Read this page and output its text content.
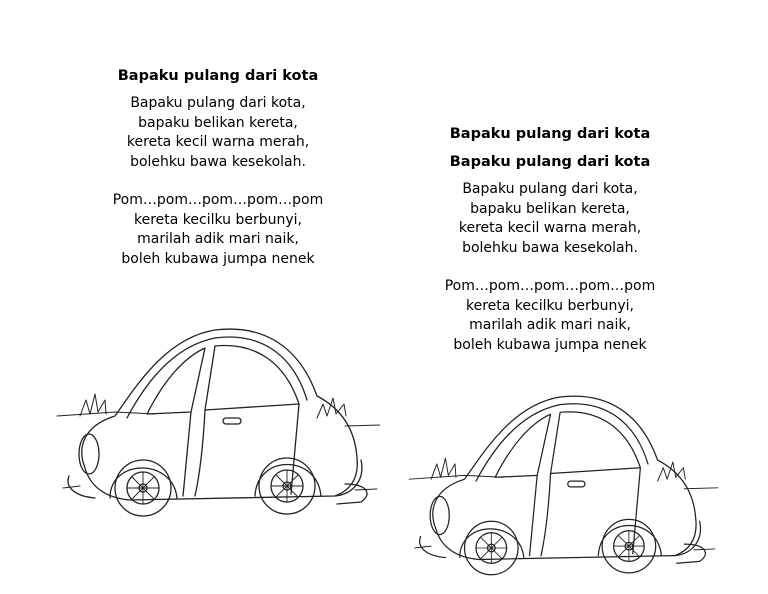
Bapaku pulang dari kota
Bapaku pulang dari kota,
bapaku belikan kereta,
kereta kecil warna merah,
bolehku bawa kesekolah.
Pom…pom…pom…pom…pom
kereta kecilku berbunyi,
marilah adik mari naik,
boleh kubawa jumpa nenek
Bapaku pulang dari kota
Bapaku pulang dari kota
Bapaku pulang dari kota,
bapaku belikan kereta,
kereta kecil warna merah,
bolehku bawa kesekolah.
Pom…pom…pom…pom…pom
kereta kecilku berbunyi,
marilah adik mari naik,
boleh kubawa jumpa nenek
